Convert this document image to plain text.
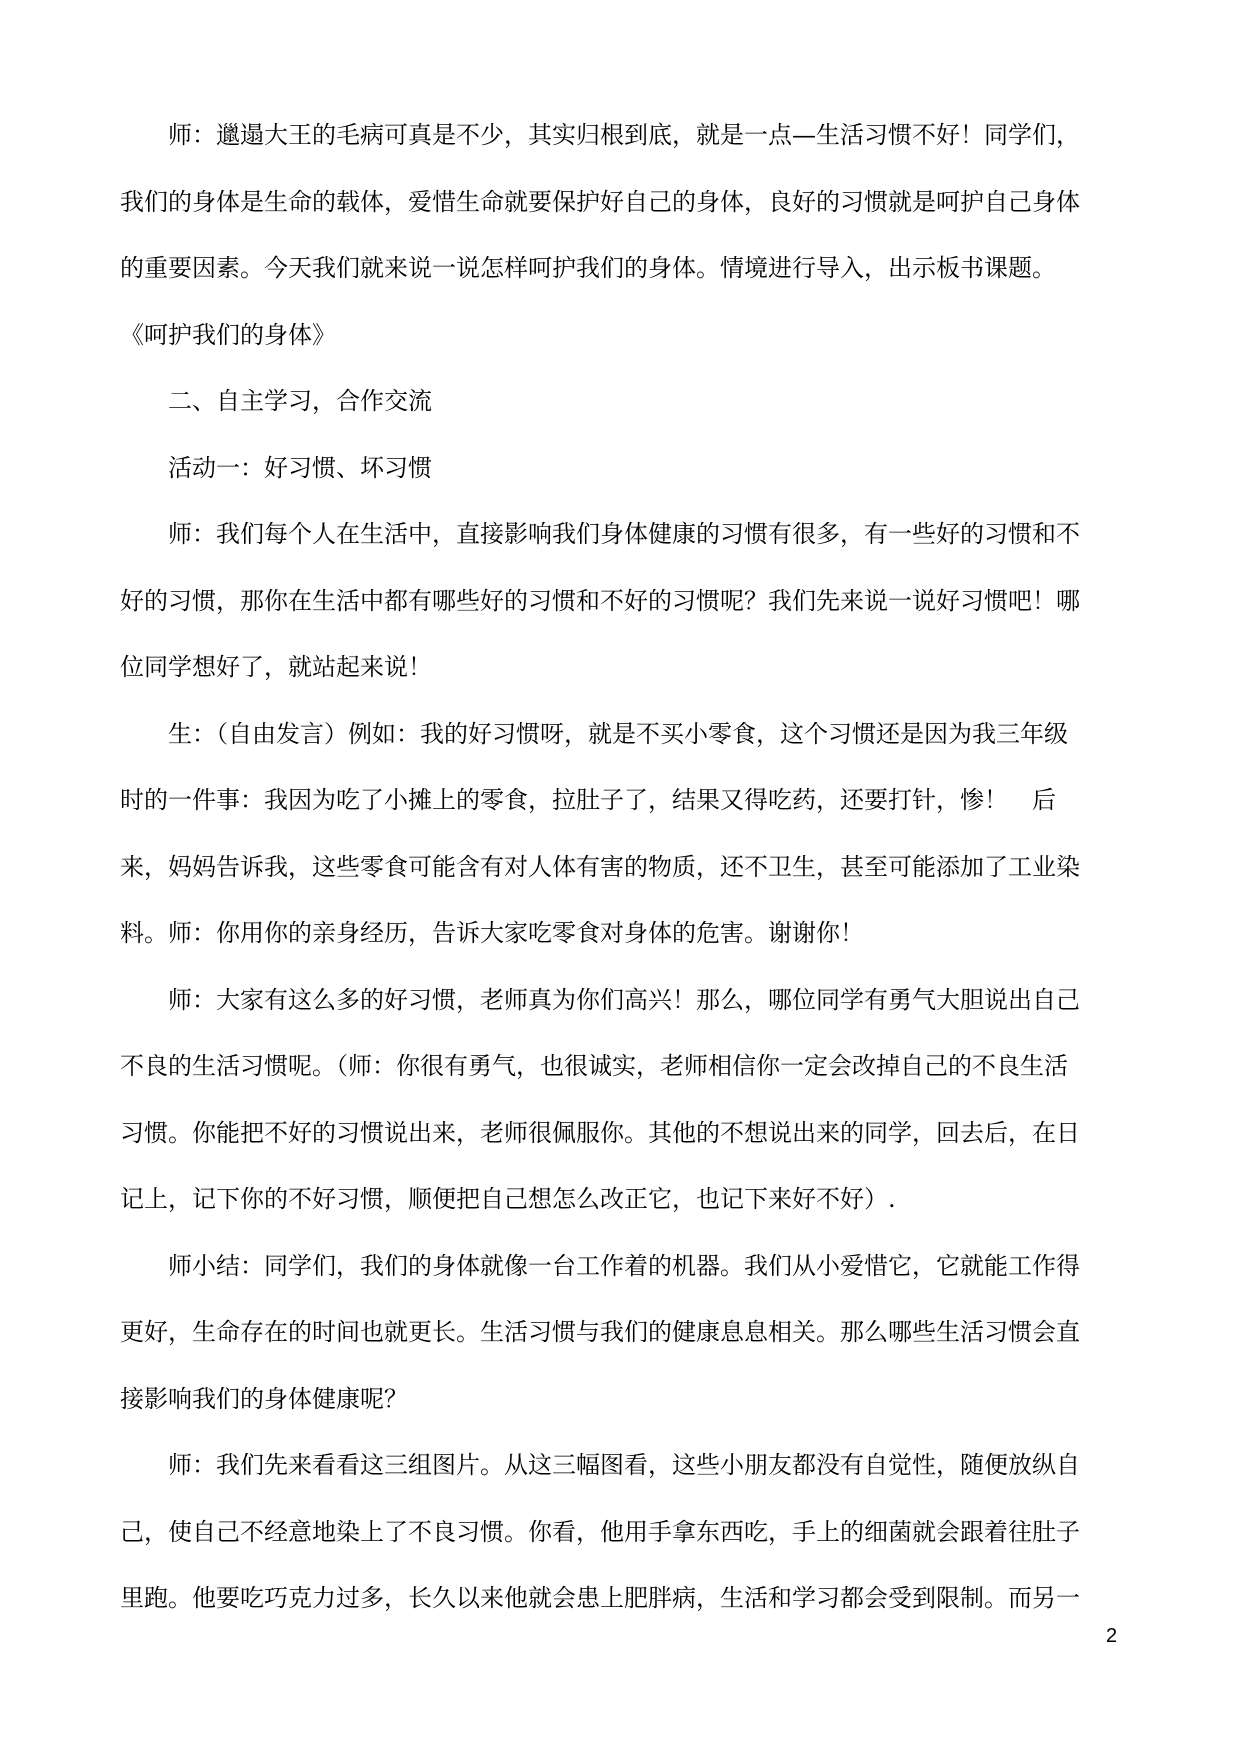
师：邋遢大王的毛病可真是不少，其实归根到底，就是一点—生活习惯不好！同学们，
我们的身体是生命的载体，爱惜生命就要保护好自己的身体，良好的习惯就是呵护自己身体
的重要因素。今天我们就来说一说怎样呵护我们的身体。情境进行导入，出示板书课题。
《呵护我们的身体》
二、自主学习，合作交流
活动一：好习惯、坏习惯
师：我们每个人在生活中，直接影响我们身体健康的习惯有很多，有一些好的习惯和不
好的习惯，那你在生活中都有哪些好的习惯和不好的习惯呢？我们先来说一说好习惯吧！哪
位同学想好了，就站起来说！
生：（自由发言）例如：我的好习惯呀，就是不买小零食，这个习惯还是因为我三年级
时的一件事：我因为吃了小摊上的零食，拉肚子了，结果又得吃药，还要打针，惨！　后
来，妈妈告诉我，这些零食可能含有对人体有害的物质，还不卫生，甚至可能添加了工业染
料。师：你用你的亲身经历，告诉大家吃零食对身体的危害。谢谢你！
师：大家有这么多的好习惯，老师真为你们高兴！那么，哪位同学有勇气大胆说出自己
不良的生活习惯呢。（师：你很有勇气，也很诚实，老师相信你一定会改掉自己的不良生活
习惯。你能把不好的习惯说出来，老师很佩服你。其他的不想说出来的同学，回去后，在日
记上，记下你的不好习惯，顺便把自己想怎么改正它，也记下来好不好）.
师小结：同学们，我们的身体就像一台工作着的机器。我们从小爱惜它，它就能工作得
更好，生命存在的时间也就更长。生活习惯与我们的健康息息相关。那么哪些生活习惯会直
接影响我们的身体健康呢？
师：我们先来看看这三组图片。从这三幅图看，这些小朋友都没有自觉性，随便放纵自
己，使自己不经意地染上了不良习惯。你看，他用手拿东西吃，手上的细菌就会跟着往肚子
里跑。他要吃巧克力过多，长久以来他就会患上肥胖病，生活和学习都会受到限制。而另一
2
